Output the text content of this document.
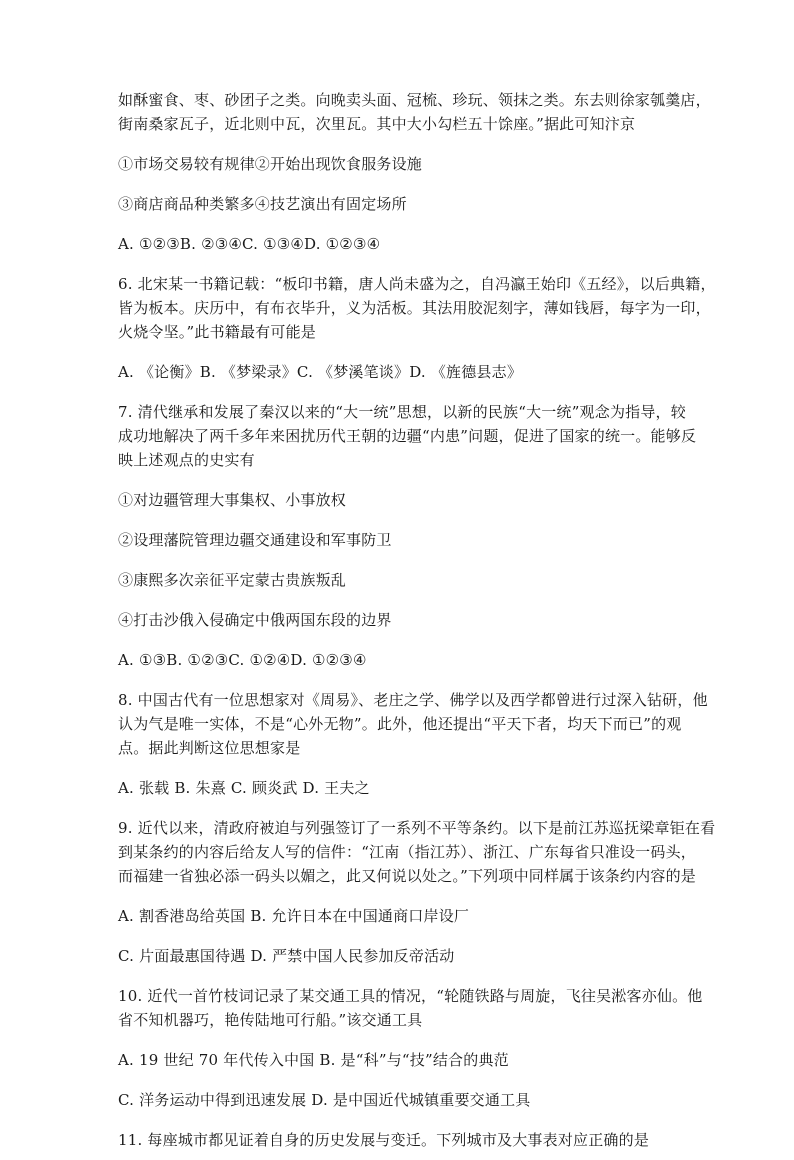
如酥蜜食、枣、砂团子之类。向晚卖头面、冠梳、珍玩、领抹之类。东去则徐家瓠羹店，
街南桑家瓦子，近北则中瓦，次里瓦。其中大小勾栏五十馀座。”据此可知汴京
①市场交易较有规律②开始出现饮食服务设施
③商店商品种类繁多④技艺演出有固定场所
A. ①②③B. ②③④C. ①③④D. ①②③④
6. 北宋某一书籍记载：“板印书籍，唐人尚未盛为之，自冯瀛王始印《五经》，以后典籍，
皆为板本。庆历中，有布衣毕升，义为活板。其法用胶泥刻字，薄如钱唇，每字为一印，
火烧令坚。”此书籍最有可能是
A. 《论衡》B. 《梦梁录》C. 《梦溪笔谈》D. 《旌德县志》
7. 清代继承和发展了秦汉以来的“大一统”思想，以新的民族“大一统”观念为指导，较
成功地解决了两千多年来困扰历代王朝的边疆“内患”问题，促进了国家的统一。能够反
映上述观点的史实有
①对边疆管理大事集权、小事放权
②设理藩院管理边疆交通建设和军事防卫
③康熙多次亲征平定蒙古贵族叛乱
④打击沙俄入侵确定中俄两国东段的边界
A. ①③B. ①②③C. ①②④D. ①②③④
8. 中国古代有一位思想家对《周易》、老庄之学、佛学以及西学都曾进行过深入钻研，他
认为气是唯一实体，不是“心外无物”。此外，他还提出“平天下者，均天下而已”的观
点。据此判断这位思想家是
A. 张载 B. 朱熹 C. 顾炎武 D. 王夫之
9. 近代以来，清政府被迫与列强签订了一系列不平等条约。以下是前江苏巡抚梁章钜在看
到某条约的内容后给友人写的信件：“江南（指江苏）、浙江、广东每省只准设一码头，
而福建一省独必添一码头以媚之，此又何说以处之。”下列项中同样属于该条约内容的是
A. 割香港岛给英国 B. 允许日本在中国通商口岸设厂
C. 片面最惠国待遇 D. 严禁中国人民参加反帝活动
10. 近代一首竹枝词记录了某交通工具的情况，“轮随铁路与周旋，飞往吴淞客亦仙。他
省不知机器巧，艳传陆地可行船。”该交通工具
A. 19 世纪 70 年代传入中国 B. 是“科”与“技”结合的典范
C. 洋务运动中得到迅速发展 D. 是中国近代城镇重要交通工具
11. 每座城市都见证着自身的历史发展与变迁。下列城市及大事表对应正确的是
